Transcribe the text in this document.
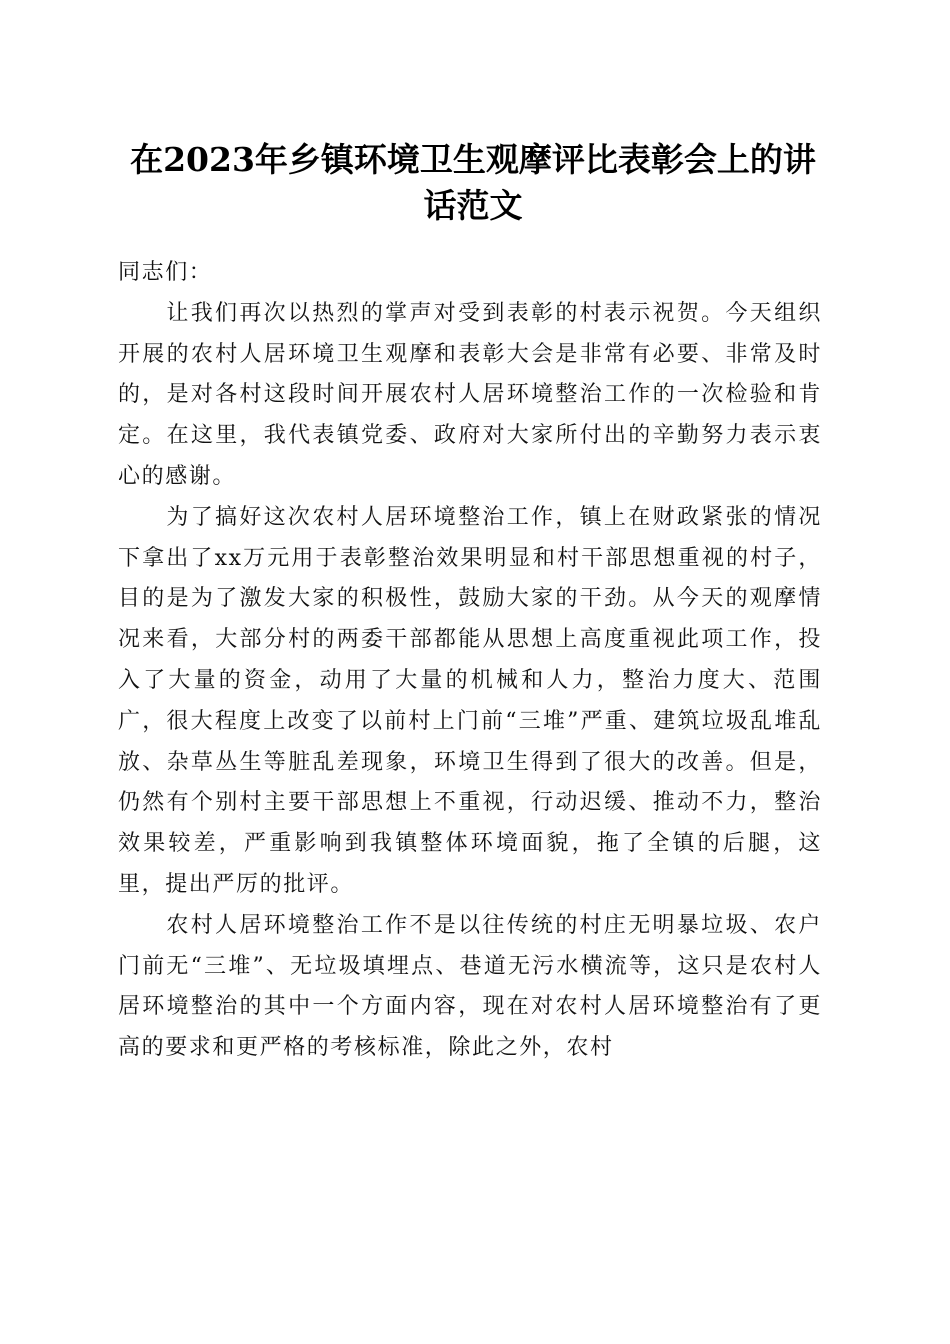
在2023年乡镇环境卫生观摩评比表彰会上的讲话范文

同志们：

让我们再次以热烈的掌声对受到表彰的村表示祝贺。今天组织开展的农村人居环境卫生观摩和表彰大会是非常有必要、非常及时的，是对各村这段时间开展农村人居环境整治工作的一次检验和肯定。在这里，我代表镇党委、政府对大家所付出的辛勤努力表示衷心的感谢。

为了搞好这次农村人居环境整治工作，镇上在财政紧张的情况下拿出了xx万元用于表彰整治效果明显和村干部思想重视的村子，目的是为了激发大家的积极性，鼓励大家的干劲。从今天的观摩情况来看，大部分村的两委干部都能从思想上高度重视此项工作，投入了大量的资金，动用了大量的机械和人力，整治力度大、范围广，很大程度上改变了以前村上门前“三堆”严重、建筑垃圾乱堆乱放、杂草丛生等脏乱差现象，环境卫生得到了很大的改善。但是，仍然有个别村主要干部思想上不重视，行动迟缓、推动不力，整治效果较差，严重影响到我镇整体环境面貌，拖了全镇的后腿，这里，提出严厉的批评。

农村人居环境整治工作不是以往传统的村庄无明暴垃圾、农户门前无“三堆”、无垃圾填埋点、巷道无污水横流等，这只是农村人居环境整治的其中一个方面内容，现在对农村人居环境整治有了更高的要求和更严格的考核标准，除此之外，农村
